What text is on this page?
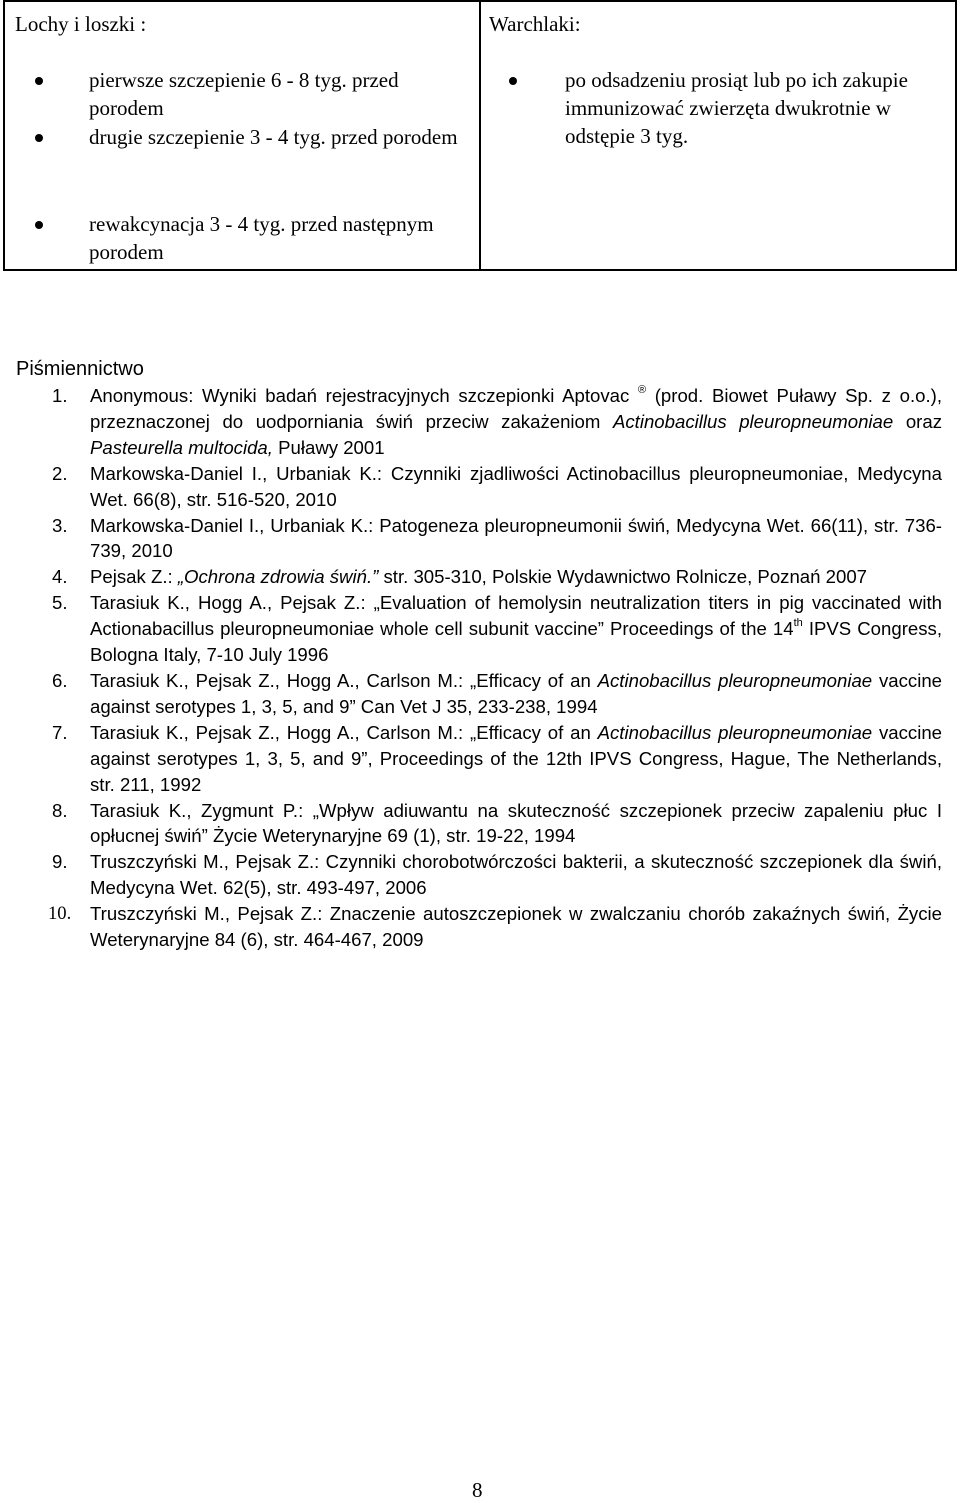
Lochy i loszki :
pierwsze szczepienie 6 - 8 tyg. przed porodem
drugie szczepienie 3 - 4 tyg. przed porodem
rewakcynacja 3 - 4 tyg. przed następnym porodem
Warchlaki:
po odsadzeniu prosiąt lub po ich zakupie immunizować zwierzęta dwukrotnie w odstępie 3 tyg.
Piśmiennictwo
1. Anonymous: Wyniki badań rejestracyjnych szczepionki Aptovac ® (prod. Biowet Puławy Sp. z o.o.), przeznaczonej do uodporniania świń przeciw zakażeniom Actinobacillus pleuropneumoniae oraz Pasteurella multocida, Puławy 2001
2. Markowska-Daniel I., Urbaniak K.: Czynniki zjadliwości Actinobacillus pleuropneumoniae, Medycyna Wet. 66(8), str. 516-520, 2010
3. Markowska-Daniel I., Urbaniak K.: Patogeneza pleuropneumonii świń, Medycyna Wet. 66(11), str. 736-739, 2010
4. Pejsak Z.: „Ochrona zdrowia świń.” str. 305-310, Polskie Wydawnictwo Rolnicze, Poznań 2007
5. Tarasiuk K., Hogg A., Pejsak Z.: „Evaluation of hemolysin neutralization titers in pig vaccinated with Actionabacillus pleuropneumoniae whole cell subunit vaccine” Proceedings of the 14th IPVS Congress, Bologna Italy, 7-10 July 1996
6. Tarasiuk K., Pejsak Z., Hogg A., Carlson M.: „Efficacy of an Actinobacillus pleuropneumoniae vaccine against serotypes 1, 3, 5, and 9” Can Vet J 35, 233-238, 1994
7. Tarasiuk K., Pejsak Z., Hogg A., Carlson M.: „Efficacy of an Actinobacillus pleuropneumoniae vaccine against serotypes 1, 3, 5, and 9”, Proceedings of the 12th IPVS Congress, Hague, The Netherlands, str. 211, 1992
8. Tarasiuk K., Zygmunt P.: „Wpływ adiuwantu na skuteczność szczepionek przeciw zapaleniu płuc I opłucnej świń” Życie Weterynaryjne 69 (1), str. 19-22, 1994
9. Truszczyński M., Pejsak Z.: Czynniki chorobotwórczości bakterii, a skuteczność szczepionek dla świń, Medycyna Wet. 62(5), str. 493-497, 2006
10. Truszczyński M., Pejsak Z.: Znaczenie autoszczepionek w zwalczaniu chorób zakaźnych świń, Życie Weterynaryjne 84 (6), str. 464-467, 2009
8
